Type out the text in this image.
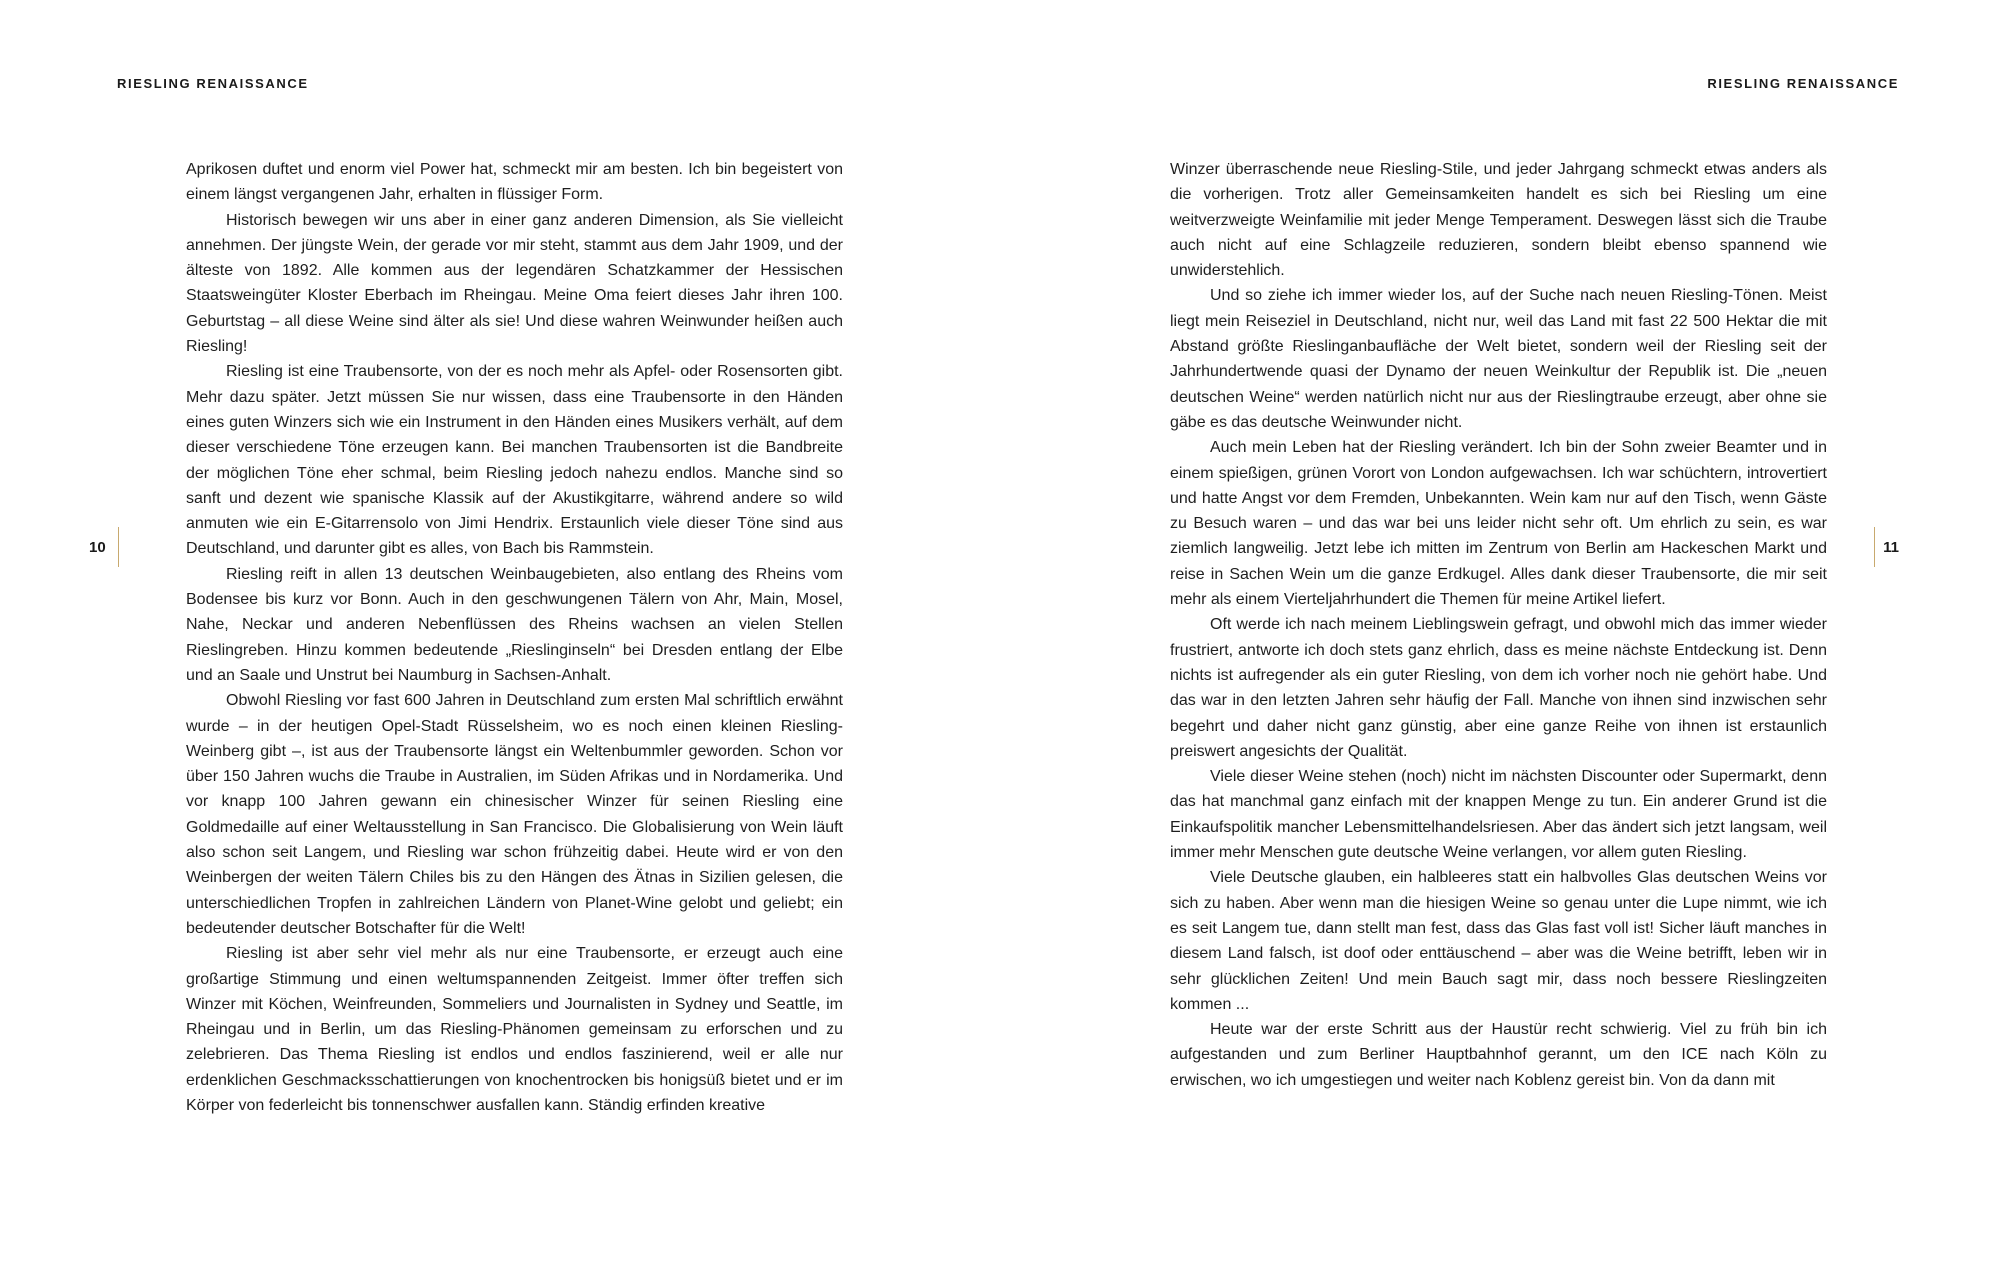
RIESLING RENAISSANCE
10

Aprikosen duftet und enorm viel Power hat, schmeckt mir am besten. Ich bin begeistert von einem längst vergangenen Jahr, erhalten in flüssiger Form.

Historisch bewegen wir uns aber in einer ganz anderen Dimension, als Sie vielleicht annehmen. Der jüngste Wein, der gerade vor mir steht, stammt aus dem Jahr 1909, und der älteste von 1892. Alle kommen aus der legendären Schatzkammer der Hessischen Staatsweingüter Kloster Eberbach im Rheingau. Meine Oma feiert dieses Jahr ihren 100. Geburtstag – all diese Weine sind älter als sie! Und diese wahren Weinwunder heißen auch Riesling!

Riesling ist eine Traubensorte, von der es noch mehr als Apfel- oder Rosensorten gibt. Mehr dazu später. Jetzt müssen Sie nur wissen, dass eine Traubensorte in den Händen eines guten Winzers sich wie ein Instrument in den Händen eines Musikers verhält, auf dem dieser verschiedene Töne erzeugen kann. Bei manchen Traubensorten ist die Bandbreite der möglichen Töne eher schmal, beim Riesling jedoch nahezu endlos. Manche sind so sanft und dezent wie spanische Klassik auf der Akustikgitarre, während andere so wild anmuten wie ein E-Gitarrensolo von Jimi Hendrix. Erstaunlich viele dieser Töne sind aus Deutschland, und darunter gibt es alles, von Bach bis Rammstein.

Riesling reift in allen 13 deutschen Weinbaugebieten, also entlang des Rheins vom Bodensee bis kurz vor Bonn. Auch in den geschwungenen Tälern von Ahr, Main, Mosel, Nahe, Neckar und anderen Nebenflüssen des Rheins wachsen an vielen Stellen Rieslingreben. Hinzu kommen bedeutende „Rieslinginseln“ bei Dresden entlang der Elbe und an Saale und Unstrut bei Naumburg in Sachsen-Anhalt.

Obwohl Riesling vor fast 600 Jahren in Deutschland zum ersten Mal schriftlich erwähnt wurde – in der heutigen Opel-Stadt Rüsselsheim, wo es noch einen kleinen Riesling-Weinberg gibt –, ist aus der Traubensorte längst ein Weltenbummler geworden. Schon vor über 150 Jahren wuchs die Traube in Australien, im Süden Afrikas und in Nordamerika. Und vor knapp 100 Jahren gewann ein chinesischer Winzer für seinen Riesling eine Goldmedaille auf einer Weltausstellung in San Francisco. Die Globalisierung von Wein läuft also schon seit Langem, und Riesling war schon frühzeitig dabei. Heute wird er von den Weinbergen der weiten Tälern Chiles bis zu den Hängen des Ätnas in Sizilien gelesen, die unterschiedlichen Tropfen in zahlreichen Ländern von Planet-Wine gelobt und geliebt; ein bedeutender deutscher Botschafter für die Welt!

Riesling ist aber sehr viel mehr als nur eine Traubensorte, er erzeugt auch eine großartige Stimmung und einen weltumspannenden Zeitgeist. Immer öfter treffen sich Winzer mit Köchen, Weinfreunden, Sommeliers und Journalisten in Sydney und Seattle, im Rheingau und in Berlin, um das Riesling-Phänomen gemeinsam zu erforschen und zu zelebrieren. Das Thema Riesling ist endlos und endlos faszinierend, weil er alle nur erdenklichen Geschmacksschattierungen von knochentrocken bis honigsüß bietet und er im Körper von federleicht bis tonnenschwer ausfallen kann. Ständig erfinden kreative

RIESLING RENAISSANCE
11

Winzer überraschende neue Riesling-Stile, und jeder Jahrgang schmeckt etwas anders als die vorherigen. Trotz aller Gemeinsamkeiten handelt es sich bei Riesling um eine weitverzweigte Weinfamilie mit jeder Menge Temperament. Deswegen lässt sich die Traube auch nicht auf eine Schlagzeile reduzieren, sondern bleibt ebenso spannend wie unwiderstehlich.

Und so ziehe ich immer wieder los, auf der Suche nach neuen Riesling-Tönen. Meist liegt mein Reiseziel in Deutschland, nicht nur, weil das Land mit fast 22 500 Hektar die mit Abstand größte Rieslinganbaufläche der Welt bietet, sondern weil der Riesling seit der Jahrhundertwende quasi der Dynamo der neuen Weinkultur der Republik ist. Die „neuen deutschen Weine“ werden natürlich nicht nur aus der Rieslingtraube erzeugt, aber ohne sie gäbe es das deutsche Weinwunder nicht.

Auch mein Leben hat der Riesling verändert. Ich bin der Sohn zweier Beamter und in einem spießigen, grünen Vorort von London aufgewachsen. Ich war schüchtern, introvertiert und hatte Angst vor dem Fremden, Unbekannten. Wein kam nur auf den Tisch, wenn Gäste zu Besuch waren – und das war bei uns leider nicht sehr oft. Um ehrlich zu sein, es war ziemlich langweilig. Jetzt lebe ich mitten im Zentrum von Berlin am Hackeschen Markt und reise in Sachen Wein um die ganze Erdkugel. Alles dank dieser Traubensorte, die mir seit mehr als einem Vierteljahrhundert die Themen für meine Artikel liefert.

Oft werde ich nach meinem Lieblingswein gefragt, und obwohl mich das immer wieder frustriert, antworte ich doch stets ganz ehrlich, dass es meine nächste Entdeckung ist. Denn nichts ist aufregender als ein guter Riesling, von dem ich vorher noch nie gehört habe. Und das war in den letzten Jahren sehr häufig der Fall. Manche von ihnen sind inzwischen sehr begehrt und daher nicht ganz günstig, aber eine ganze Reihe von ihnen ist erstaunlich preiswert angesichts der Qualität.

Viele dieser Weine stehen (noch) nicht im nächsten Discounter oder Supermarkt, denn das hat manchmal ganz einfach mit der knappen Menge zu tun. Ein anderer Grund ist die Einkaufspolitik mancher Lebensmittelhandelsriesen. Aber das ändert sich jetzt langsam, weil immer mehr Menschen gute deutsche Weine verlangen, vor allem guten Riesling.

Viele Deutsche glauben, ein halbleeres statt ein halbvolles Glas deutschen Weins vor sich zu haben. Aber wenn man die hiesigen Weine so genau unter die Lupe nimmt, wie ich es seit Langem tue, dann stellt man fest, dass das Glas fast voll ist! Sicher läuft manches in diesem Land falsch, ist doof oder enttäuschend – aber was die Weine betrifft, leben wir in sehr glücklichen Zeiten! Und mein Bauch sagt mir, dass noch bessere Rieslingzeiten kommen ...

Heute war der erste Schritt aus der Haustür recht schwierig. Viel zu früh bin ich aufgestanden und zum Berliner Hauptbahnhof gerannt, um den ICE nach Köln zu erwischen, wo ich umgestiegen und weiter nach Koblenz gereist bin. Von da dann mit
